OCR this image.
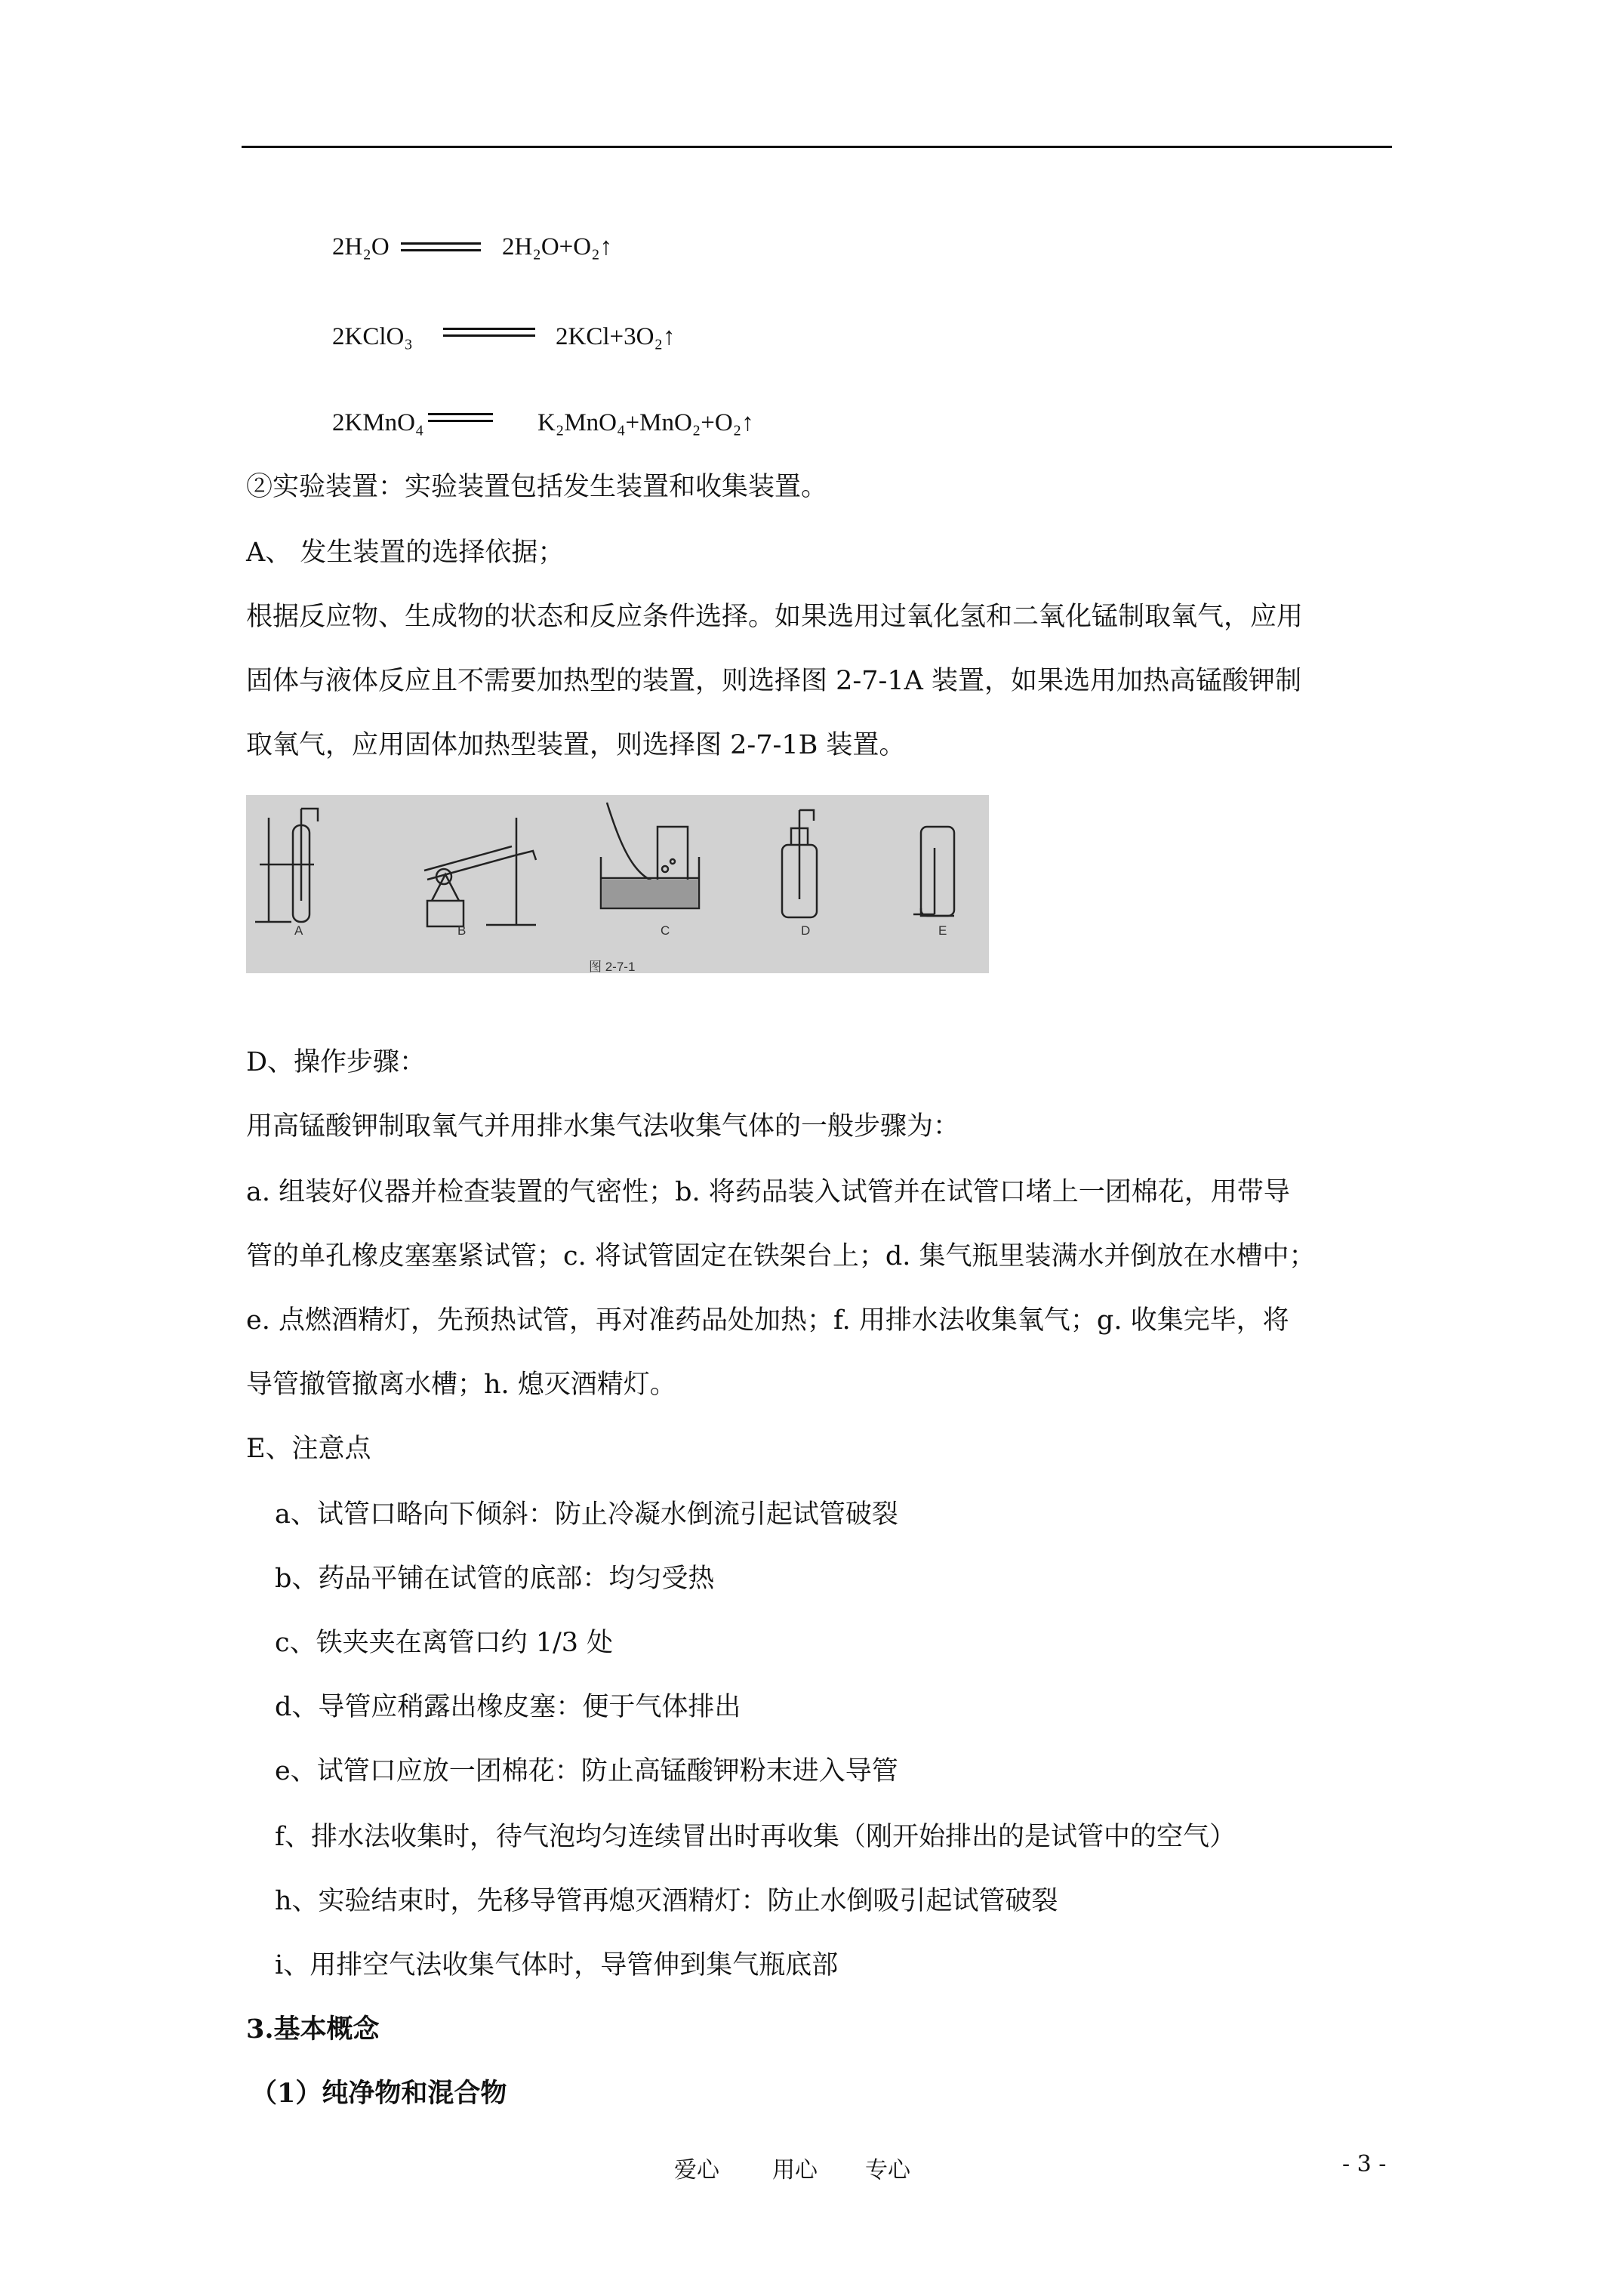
2H₂O	2H₂O+O₂↑
2KClO₃	2KCl+3O₂↑
2KMnO₄	K₂MnO₄+MnO₂+O₂↑
②实验装置：实验装置包括发生装置和收集装置。
A、 发生装置的选择依据；
根据反应物、生成物的状态和反应条件选择。如果选用过氧化氢和二氧化锰制取氧气，应用
固体与液体反应且不需要加热型的装置，则选择图 2-7-1A 装置，如果选用加热高锰酸钾制
取氧气，应用固体加热型装置，则选择图 2-7-1B 装置。
A	B	C	D	E
图 2-7-1
D、操作步骤：
用高锰酸钾制取氧气并用排水集气法收集气体的一般步骤为：
a. 组装好仪器并检查装置的气密性；b. 将药品装入试管并在试管口堵上一团棉花，用带导
管的单孔橡皮塞塞紧试管；c. 将试管固定在铁架台上；d. 集气瓶里装满水并倒放在水槽中；
e. 点燃酒精灯，先预热试管，再对准药品处加热；f. 用排水法收集氧气；g. 收集完毕，将
导管撤管撤离水槽；h. 熄灭酒精灯。
E、注意点
a、试管口略向下倾斜：防止冷凝水倒流引起试管破裂
b、药品平铺在试管的底部：均匀受热
c、铁夹夹在离管口约 1/3 处
d、导管应稍露出橡皮塞：便于气体排出
e、试管口应放一团棉花：防止高锰酸钾粉末进入导管
f、排水法收集时，待气泡均匀连续冒出时再收集（刚开始排出的是试管中的空气）
h、实验结束时，先移导管再熄灭酒精灯：防止水倒吸引起试管破裂
i、用排空气法收集气体时，导管伸到集气瓶底部
3.基本概念
（1）纯净物和混合物
爱心 用心 专心	- 3 -
